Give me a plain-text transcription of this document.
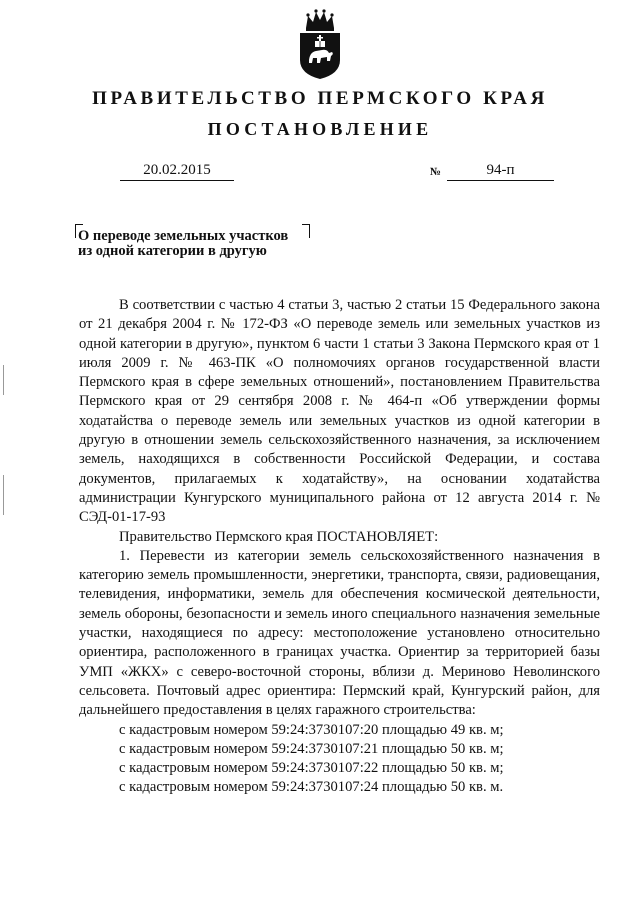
ПРАВИТЕЛЬСТВО ПЕРМСКОГО КРАЯ
ПОСТАНОВЛЕНИЕ
20.02.2015	№	94-п
О переводе земельных участков
из одной категории в другую

В соответствии с частью 4 статьи 3, частью 2 статьи 15 Федерального закона от 21 декабря 2004 г. № 172-ФЗ «О переводе земель или земельных участков из одной категории в другую», пунктом 6 части 1 статьи 3 Закона Пермского края от 1 июля 2009 г. № 463-ПК «О полномочиях органов государственной власти Пермского края в сфере земельных отношений», постановлением Правительства Пермского края от 29 сентября 2008 г. № 464-п «Об утверждении формы ходатайства о переводе земель или земельных участков из одной категории в другую в отношении земель сельскохозяйственного назначения, за исключением земель, находящихся в собственности Российской Федерации, и состава документов, прилагаемых к ходатайству», на основании ходатайства администрации Кунгурского муниципального района от 12 августа 2014 г. № СЭД-01-17-93

Правительство Пермского края ПОСТАНОВЛЯЕТ:

1. Перевести из категории земель сельскохозяйственного назначения в категорию земель промышленности, энергетики, транспорта, связи, радиовещания, телевидения, информатики, земель для обеспечения космической деятельности, земель обороны, безопасности и земель иного специального назначения земельные участки, находящиеся по адресу: местоположение установлено относительно ориентира, расположенного в границах участка. Ориентир за территорией базы УМП «ЖКХ» с северо-восточной стороны, вблизи д. Мериново Неволинского сельсовета. Почтовый адрес ориентира: Пермский край, Кунгурский район, для дальнейшего предоставления в целях гаражного строительства:

с кадастровым номером 59:24:3730107:20 площадью 49 кв. м;

с кадастровым номером 59:24:3730107:21 площадью 50 кв. м;

с кадастровым номером 59:24:3730107:22 площадью 50 кв. м;

с кадастровым номером 59:24:3730107:24 площадью 50 кв. м.
